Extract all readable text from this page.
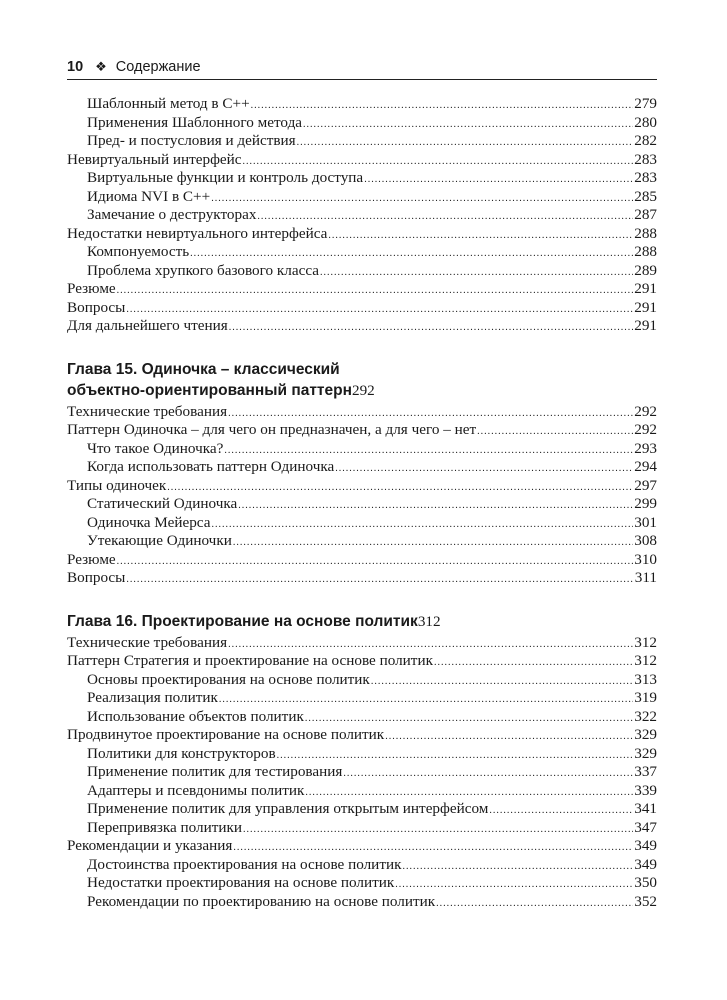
10 ❖ Содержание
Шаблонный метод в C++ .....	279
Применения Шаблонного метода .....	280
Пред- и постусловия и действия .....	282
Невиртуальный интерфейс .....	283
Виртуальные функции и контроль доступа .....	283
Идиома NVI в C++ .....	285
Замечание о деструкторах .....	287
Недостатки невиртуального интерфейса .....	288
Компонуемость .....	288
Проблема хрупкого базового класса .....	289
Резюме .....	291
Вопросы .....	291
Для дальнейшего чтения .....	291
Глава 15. Одиночка – классический
объектно-ориентированный паттерн 292
Технические требования .....	292
Паттерн Одиночка – для чего он предназначен, а для чего – нет .....	292
Что такое Одиночка? .....	293
Когда использовать паттерн Одиночка .....	294
Типы одиночек .....	297
Статический Одиночка .....	299
Одиночка Мейерса .....	301
Утекающие Одиночки .....	308
Резюме .....	310
Вопросы .....	311
Глава 16. Проектирование на основе политик 312
Технические требования .....	312
Паттерн Стратегия и проектирование на основе политик .....	312
Основы проектирования на основе политик .....	313
Реализация политик .....	319
Использование объектов политик .....	322
Продвинутое проектирование на основе политик .....	329
Политики для конструкторов .....	329
Применение политик для тестирования .....	337
Адаптеры и псевдонимы политик .....	339
Применение политик для управления открытым интерфейсом .....	341
Перепривязка политики .....	347
Рекомендации и указания .....	349
Достоинства проектирования на основе политик .....	349
Недостатки проектирования на основе политик .....	350
Рекомендации по проектированию на основе политик .....	352
